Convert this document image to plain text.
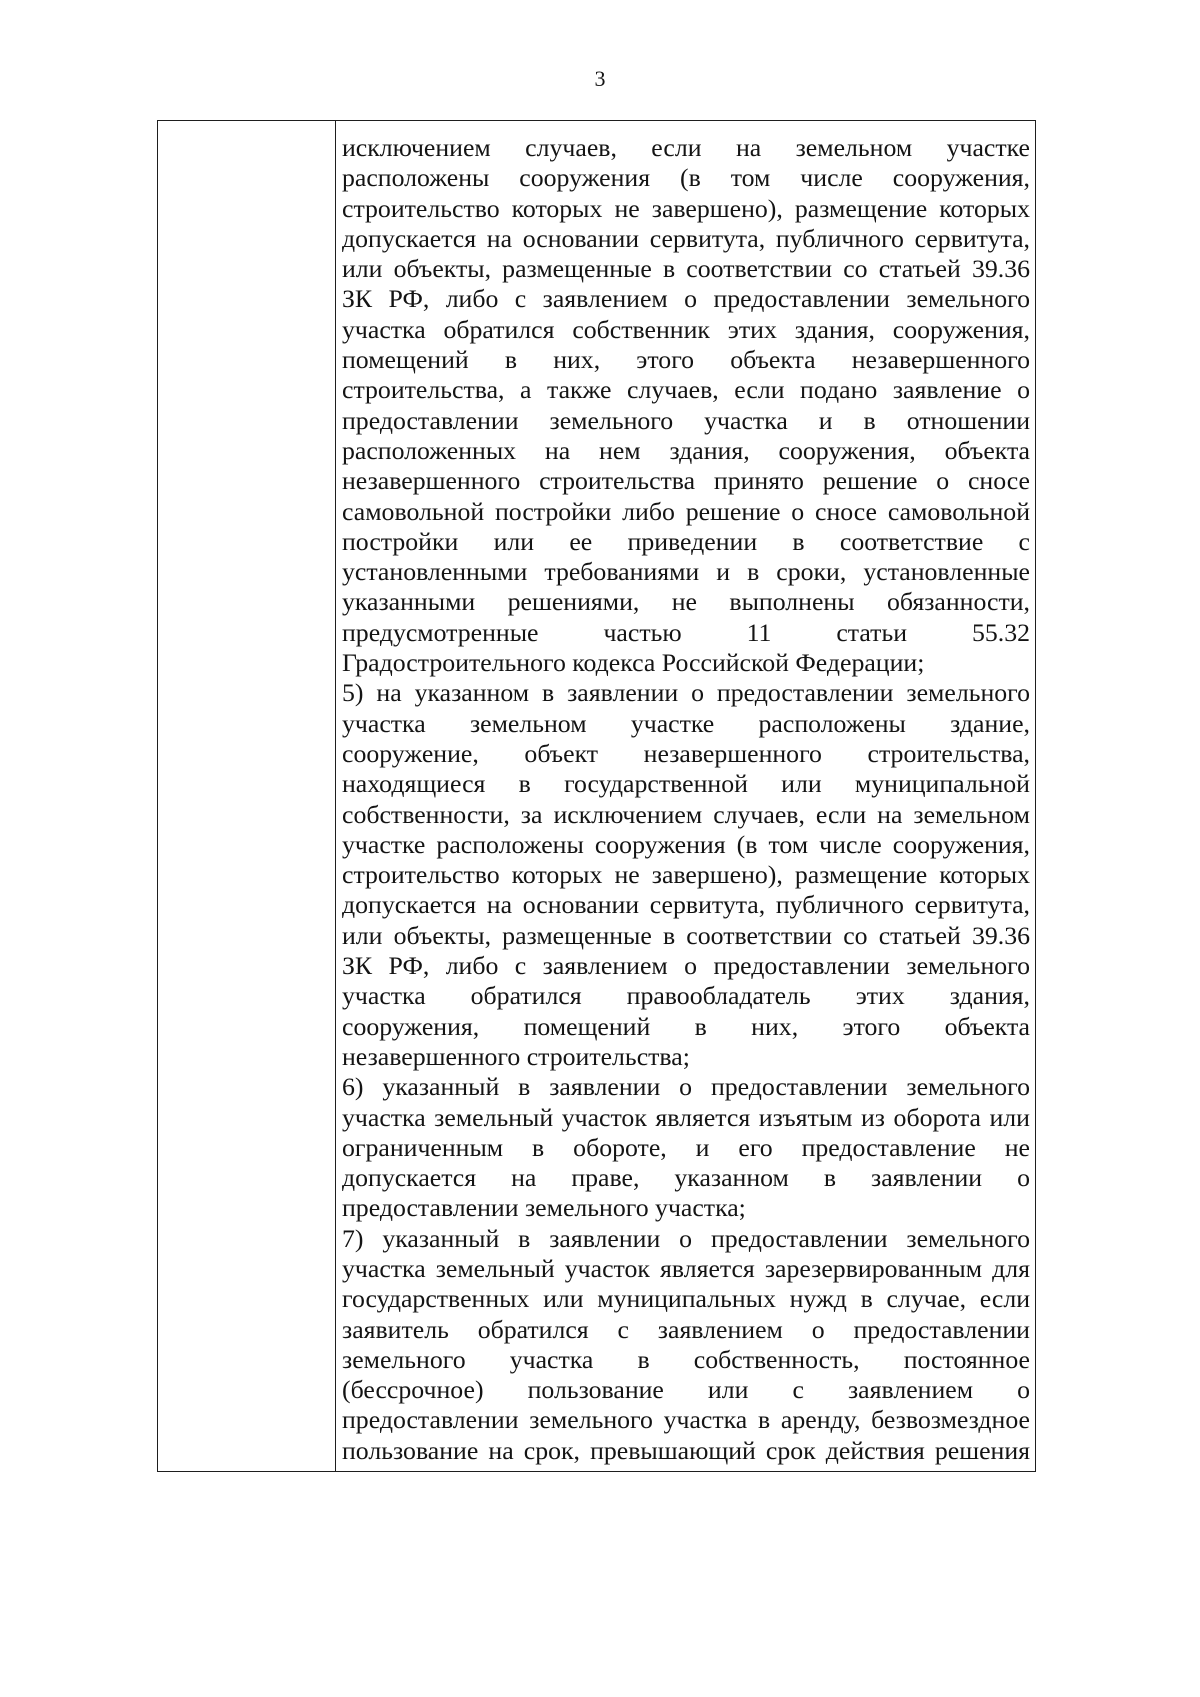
3
исключением случаев, если на земельном участке
расположены сооружения (в том числе сооружения,
строительство которых не завершено), размещение которых
допускается на основании сервитута, публичного сервитута,
или объекты, размещенные в соответствии со статьей 39.36
ЗК РФ, либо с заявлением о предоставлении земельного
участка обратился собственник этих здания, сооружения,
помещений в них, этого объекта незавершенного
строительства, а также случаев, если подано заявление о
предоставлении земельного участка и в отношении
расположенных на нем здания, сооружения, объекта
незавершенного строительства принято решение о сносе
самовольной постройки либо решение о сносе самовольной
постройки или ее приведении в соответствие с
установленными требованиями и в сроки, установленные
указанными решениями, не выполнены обязанности,
предусмотренные частью 11 статьи 55.32
Градостроительного кодекса Российской Федерации;
5) на указанном в заявлении о предоставлении земельного
участка земельном участке расположены здание,
сооружение, объект незавершенного строительства,
находящиеся в государственной или муниципальной
собственности, за исключением случаев, если на земельном
участке расположены сооружения (в том числе сооружения,
строительство которых не завершено), размещение которых
допускается на основании сервитута, публичного сервитута,
или объекты, размещенные в соответствии со статьей 39.36
ЗК РФ, либо с заявлением о предоставлении земельного
участка обратился правообладатель этих здания,
сооружения, помещений в них, этого объекта
незавершенного строительства;
6) указанный в заявлении о предоставлении земельного
участка земельный участок является изъятым из оборота или
ограниченным в обороте, и его предоставление не
допускается на праве, указанном в заявлении о
предоставлении земельного участка;
7) указанный в заявлении о предоставлении земельного
участка земельный участок является зарезервированным для
государственных или муниципальных нужд в случае, если
заявитель обратился с заявлением о предоставлении
земельного участка в собственность, постоянное
(бессрочное) пользование или с заявлением о
предоставлении земельного участка в аренду, безвозмездное
пользование на срок, превышающий срок действия решения
